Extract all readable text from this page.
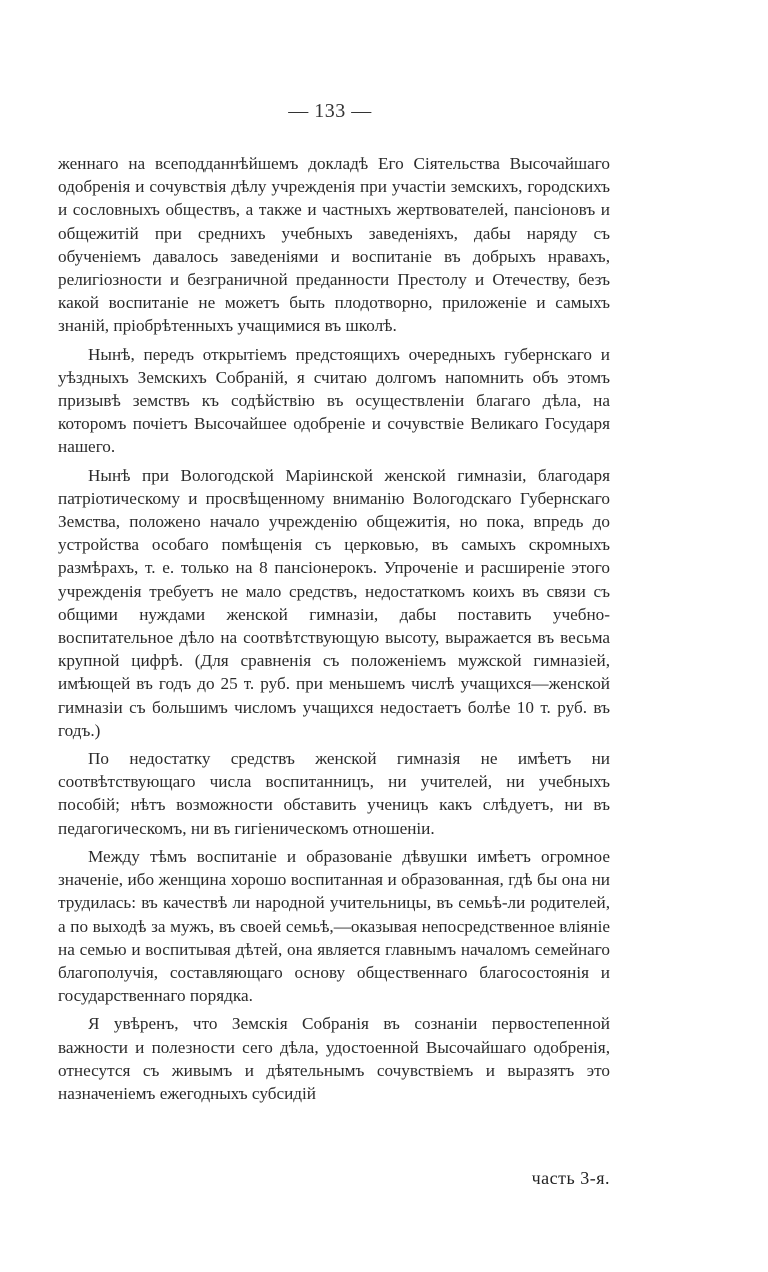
— 133 —

женнаго на всеподданнѣйшемъ докладѣ Его Сіятельства Высочайшаго одобренія и сочувствія дѣлу учрежденія при участіи земскихъ, городскихъ и сословныхъ обществъ, а также и частныхъ жертвователей, пансіоновъ и общежитій при среднихъ учебныхъ заведеніяхъ, дабы наряду съ обученіемъ давалось заведеніями и воспитаніе въ добрыхъ нравахъ, религіозности и безграничной преданности Престолу и Отечеству, безъ какой воспитаніе не можетъ быть плодотворно, приложеніе и самыхъ знаній, пріобрѣтенныхъ учащимися въ школѣ.

Нынѣ, передъ открытіемъ предстоящихъ очередныхъ губернскаго и уѣздныхъ Земскихъ Собраній, я считаю долгомъ напомнить объ этомъ призывѣ земствъ къ содѣйствію въ осуществленіи благаго дѣла, на которомъ почіетъ Высочайшее одобреніе и сочувствіе Великаго Государя нашего.

Нынѣ при Вологодской Маріинской женской гимназіи, благодаря патріотическому и просвѣщенному вниманію Вологодскаго Губернскаго Земства, положено начало учрежденію общежитія, но пока, впредь до устройства особаго помѣщенія съ церковью, въ самыхъ скромныхъ размѣрахъ, т. е. только на 8 пансіонерокъ. Упроченіе и расширеніе этого учрежденія требуетъ не мало средствъ, недостаткомъ коихъ въ связи съ общими нуждами женской гимназіи, дабы поставить учебно-воспитательное дѣло на соотвѣтствующую высоту, выражается въ весьма крупной цифрѣ. (Для сравненія съ положеніемъ мужской гимназіей, имѣющей въ годъ до 25 т. руб. при меньшемъ числѣ учащихся—женской гимназіи съ большимъ числомъ учащихся недостаетъ болѣе 10 т. руб. въ годъ.)

По недостатку средствъ женской гимназія не имѣетъ ни соотвѣтствующаго числа воспитанницъ, ни учителей, ни учебныхъ пособій; нѣтъ возможности обставить ученицъ какъ слѣдуетъ, ни въ педагогическомъ, ни въ гигіеническомъ отношеніи.

Между тѣмъ воспитаніе и образованіе дѣвушки имѣетъ огромное значеніе, ибо женщина хорошо воспитанная и образованная, гдѣ бы она ни трудилась: въ качествѣ ли народной учительницы, въ семьѣ-ли родителей, а по выходѣ за мужъ, въ своей семьѣ,—оказывая непосредственное вліяніе на семью и воспитывая дѣтей, она является главнымъ началомъ семейнаго благополучія, составляющаго основу общественнаго благосостоянія и государственнаго порядка.

Я увѣренъ, что Земскія Собранія въ сознаніи первостепенной важности и полезности сего дѣла, удостоенной Высочайшаго одобренія, отнесутся съ живымъ и дѣятельнымъ сочувствіемъ и выразятъ это назначеніемъ ежегодныхъ субсидій

часть 3-я.
